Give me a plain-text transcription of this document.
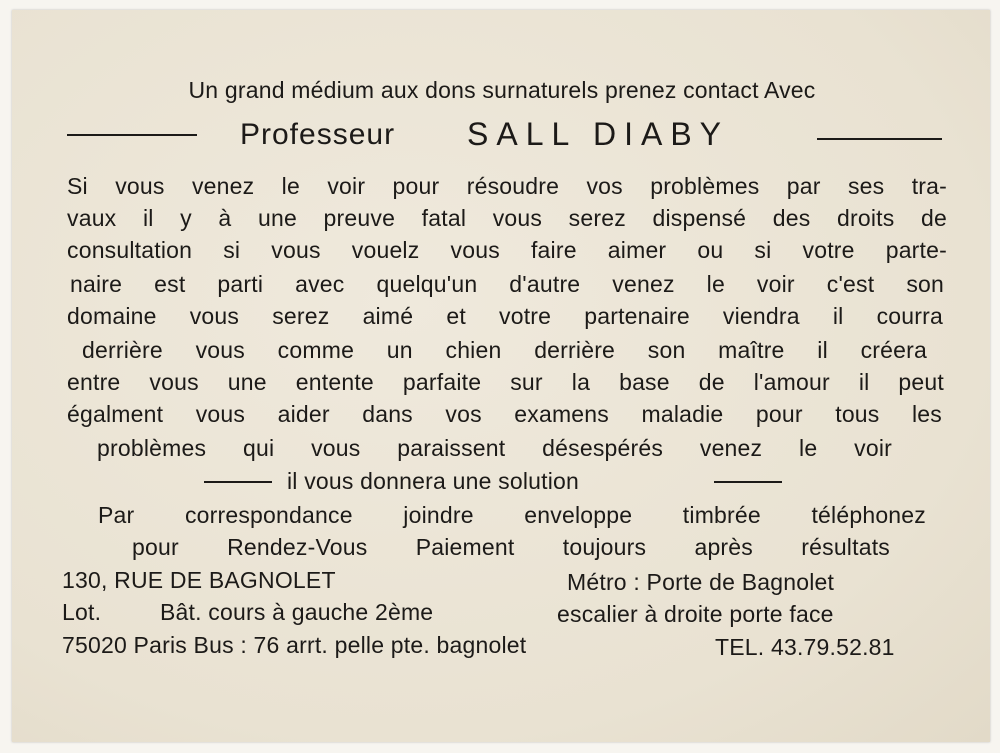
Un grand médium aux dons surnaturels prenez contact Avec
Professeur SALL DIABY
Si vous venez le voir pour résoudre vos problèmes par ses tra-
vaux il y à une preuve fatal vous serez dispensé des droits de
consultation si vous vouelz vous faire aimer ou si votre parte-
naire est parti avec quelqu'un d'autre venez le voir c'est son
domaine vous serez aimé et votre partenaire viendra il courra
derrière vous comme un chien derrière son maître il créera
entre vous une entente parfaite sur la base de l'amour il peut
égalment vous aider dans vos examens maladie pour tous les
problèmes qui vous paraissent désespérés venez le voir
il vous donnera une solution
Par correspondance joindre enveloppe timbrée téléphonez
pour Rendez-Vous Paiement toujours après résultats
130, RUE DE BAGNOLET	Métro : Porte de Bagnolet
Lot.	Bât. cours à gauche 2ème	escalier à droite porte face
75020 Paris Bus : 76 arrt. pelle pte. bagnolet	TEL. 43.79.52.81
